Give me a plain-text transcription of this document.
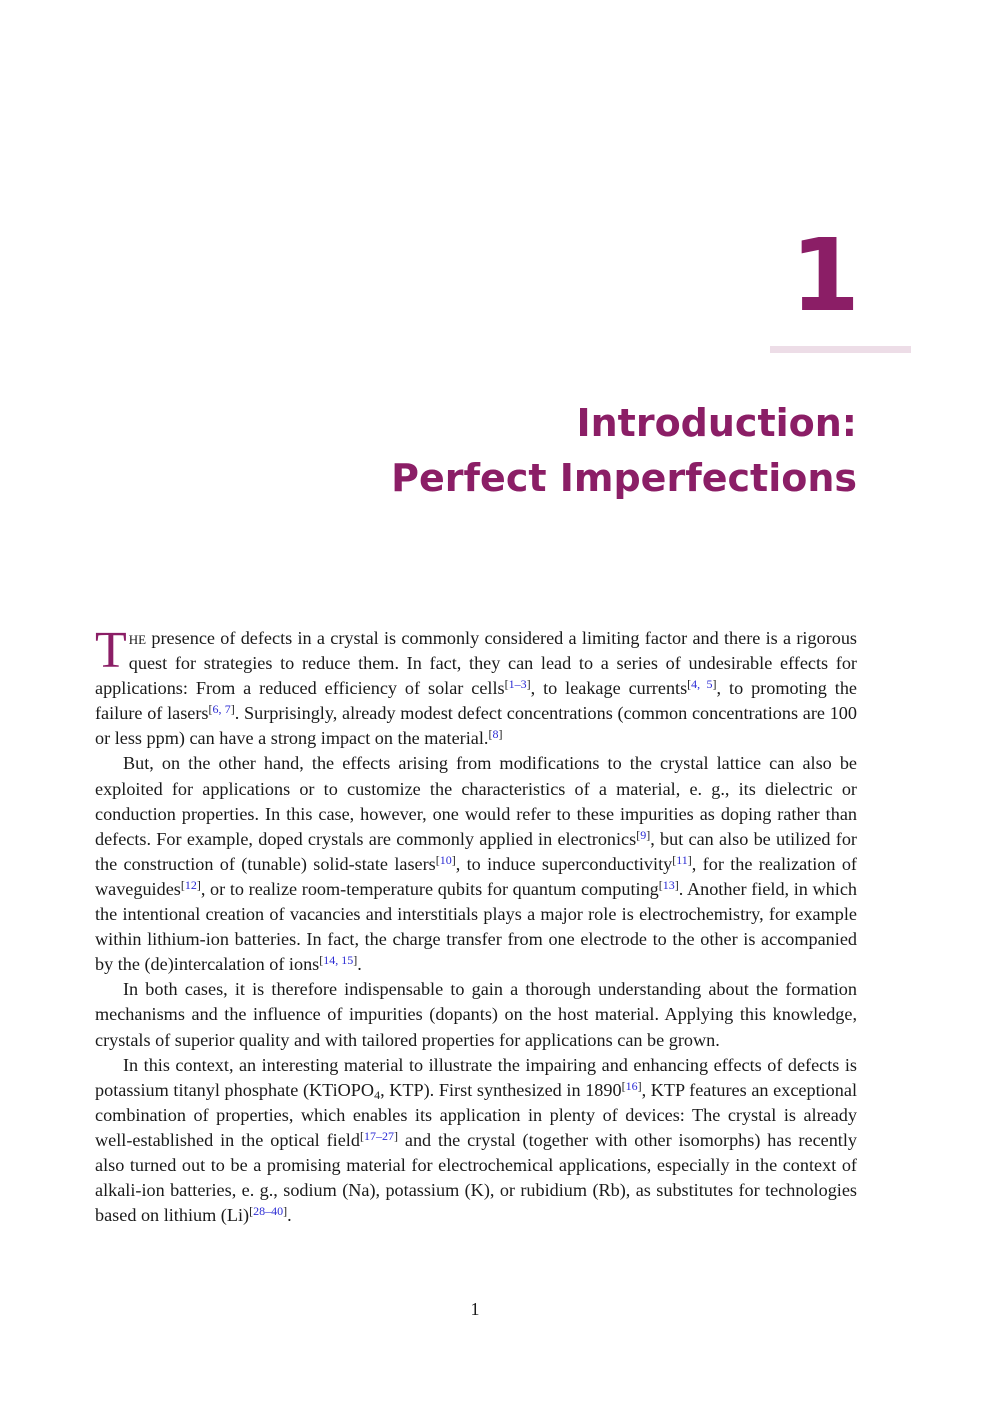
1
Introduction:
Perfect Imperfections

The presence of defects in a crystal is commonly considered a limiting factor and there is a rigorous quest for strategies to reduce them. In fact, they can lead to a series of undesirable effects for applications: From a reduced efficiency of solar cells[1–3], to leakage currents[4, 5], to promoting the failure of lasers[6, 7]. Surprisingly, already modest defect concentrations (common concentrations are 100 or less ppm) can have a strong impact on the material.[8]

But, on the other hand, the effects arising from modifications to the crystal lattice can also be exploited for applications or to customize the characteristics of a material, e. g., its dielectric or conduction properties. In this case, however, one would refer to these impurities as doping rather than defects. For example, doped crystals are commonly applied in electronics[9], but can also be utilized for the construction of (tunable) solid-state lasers[10], to induce superconductivity[11], for the realization of waveguides[12], or to realize room-temperature qubits for quantum computing[13]. Another field, in which the intentional creation of vacancies and interstitials plays a major role is electrochemistry, for example within lithium-ion batteries. In fact, the charge transfer from one electrode to the other is accompanied by the (de)intercalation of ions[14, 15].

In both cases, it is therefore indispensable to gain a thorough understanding about the formation mechanisms and the influence of impurities (dopants) on the host material. Applying this knowledge, crystals of superior quality and with tailored properties for applications can be grown.

In this context, an interesting material to illustrate the impairing and enhancing effects of defects is potassium titanyl phosphate (KTiOPO$_4$, KTP). First synthesized in 1890[16], KTP features an exceptional combination of properties, which enables its application in plenty of devices: The crystal is already well-established in the optical field[17–27] and the crystal (together with other isomorphs) has recently also turned out to be a promising material for electrochemical applications, especially in the context of alkali-ion batteries, e. g., sodium (Na), potassium (K), or rubidium (Rb), as substitutes for technologies based on lithium (Li)[28–40].

1
